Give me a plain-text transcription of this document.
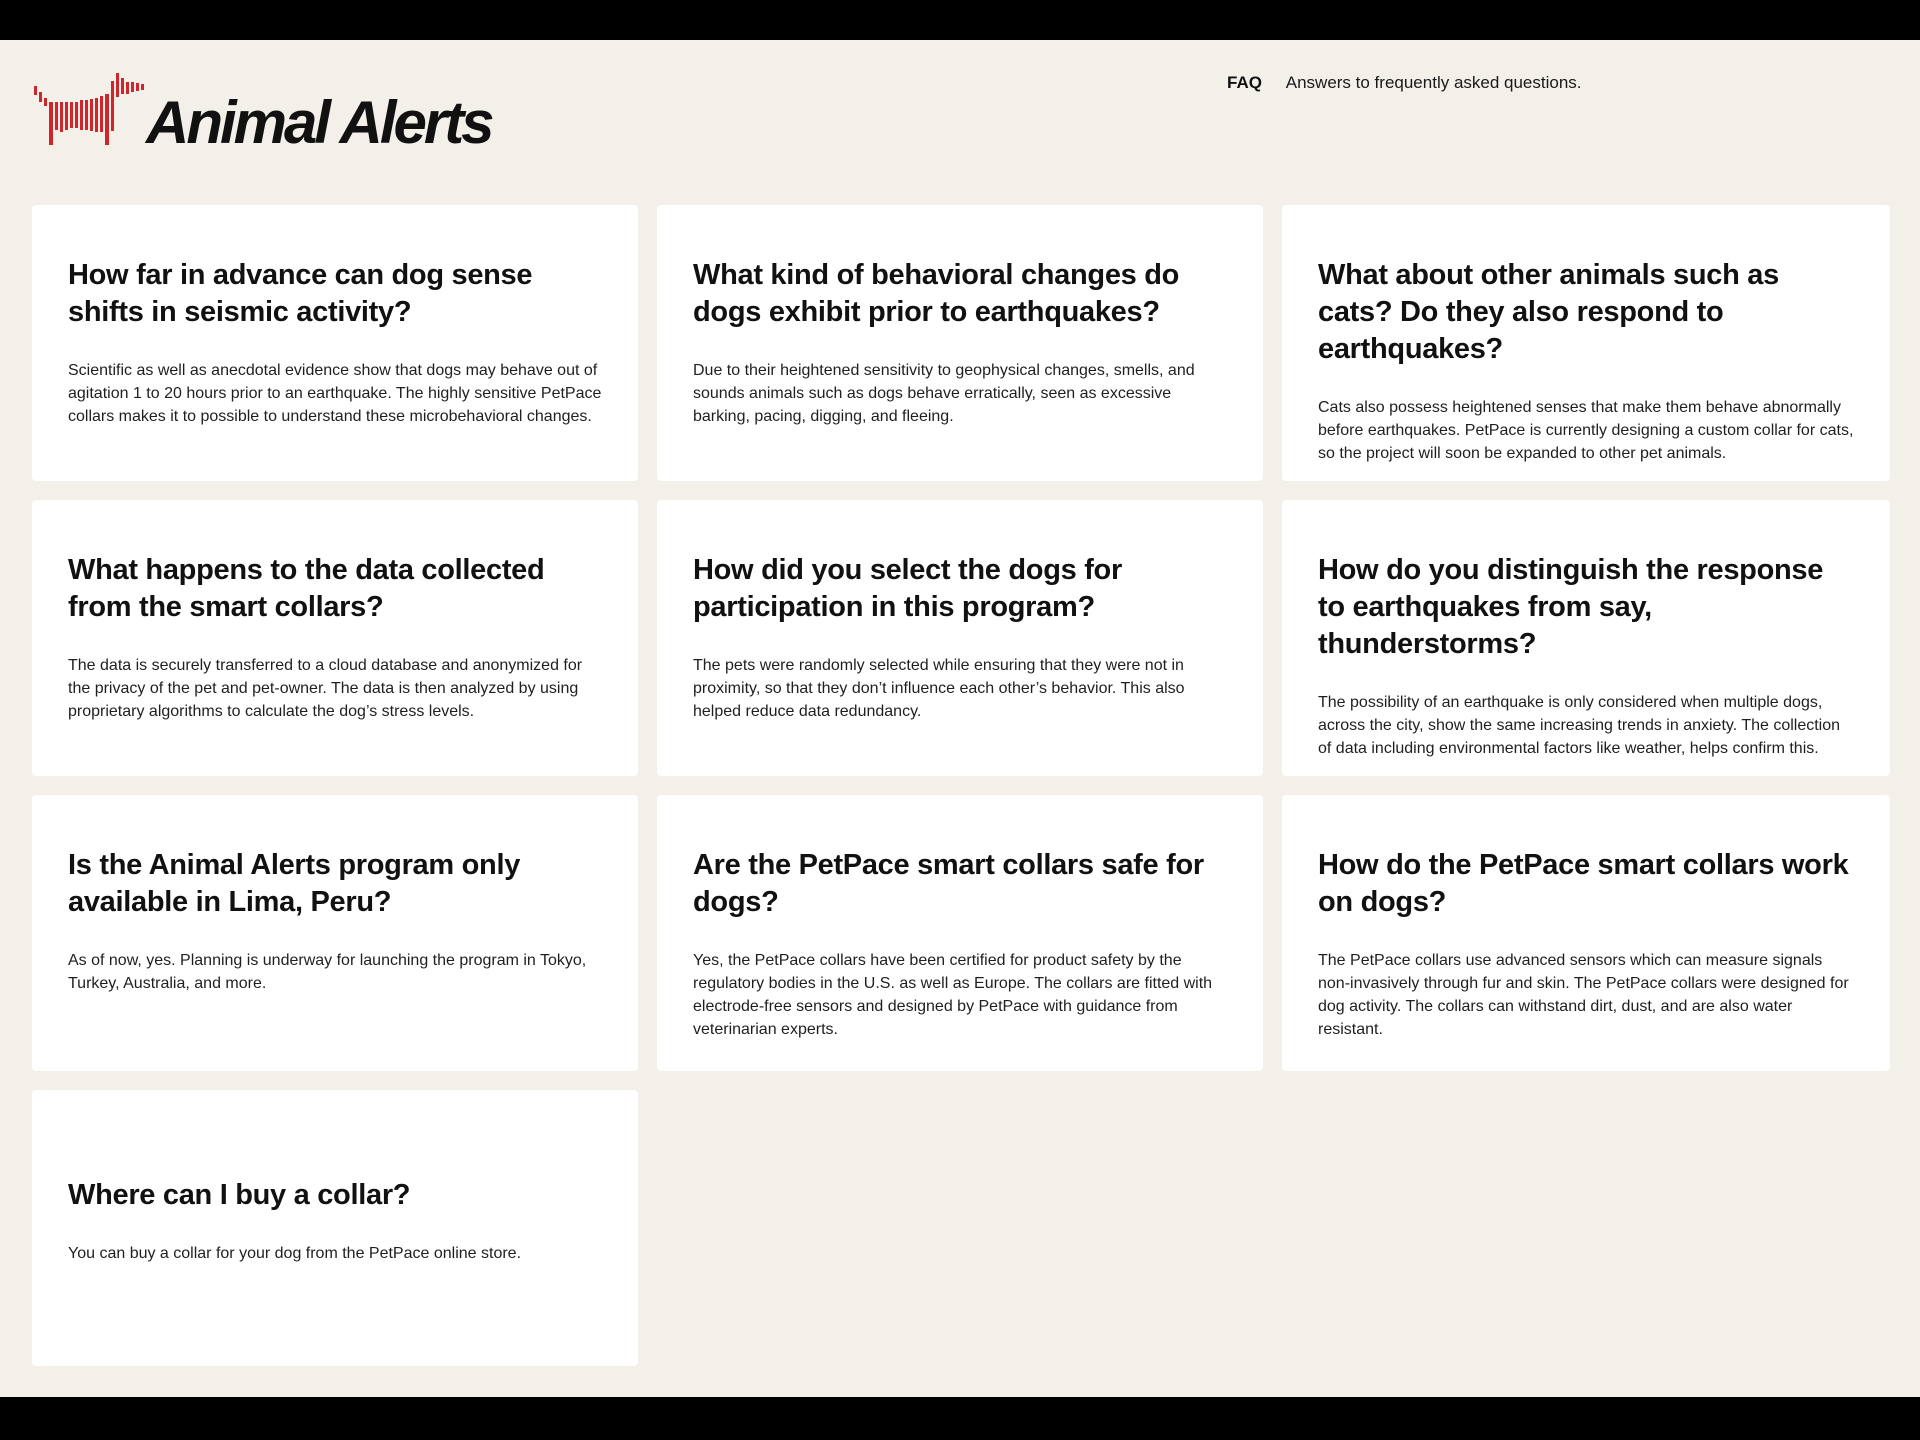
Animal Alerts
FAQ Answers to frequently asked questions.
How far in advance can dog sense shifts in seismic activity?

Scientific as well as anecdotal evidence show that dogs may behave out of agitation 1 to 20 hours prior to an earthquake. The highly sensitive PetPace collars makes it to possible to understand these microbehavioral changes.

What kind of behavioral changes do dogs exhibit prior to earthquakes?

Due to their heightened sensitivity to geophysical changes, smells, and sounds animals such as dogs behave erratically, seen as excessive barking, pacing, digging, and fleeing.

What about other animals such as cats? Do they also respond to earthquakes?

Cats also possess heightened senses that make them behave abnormally before earthquakes. PetPace is currently designing a custom collar for cats, so the project will soon be expanded to other pet animals.

What happens to the data collected from the smart collars?

The data is securely transferred to a cloud database and anonymized for the privacy of the pet and pet-owner. The data is then analyzed by using proprietary algorithms to calculate the dog’s stress levels.

How did you select the dogs for participation in this program?

The pets were randomly selected while ensuring that they were not in proximity, so that they don’t influence each other’s behavior. This also helped reduce data redundancy.

How do you distinguish the response to earthquakes from say, thunderstorms?

The possibility of an earthquake is only considered when multiple dogs, across the city, show the same increasing trends in anxiety. The collection of data including environmental factors like weather, helps confirm this.

Is the Animal Alerts program only available in Lima, Peru?

As of now, yes. Planning is underway for launching the program in Tokyo, Turkey, Australia, and more.

Are the PetPace smart collars safe for dogs?

Yes, the PetPace collars have been certified for product safety by the regulatory bodies in the U.S. as well as Europe. The collars are fitted with electrode-free sensors and designed by PetPace with guidance from veterinarian experts.

How do the PetPace smart collars work on dogs?

The PetPace collars use advanced sensors which can measure signals non-invasively through fur and skin. The PetPace collars were designed for dog activity. The collars can withstand dirt, dust, and are also water resistant.

Where can I buy a collar?

You can buy a collar for your dog from the PetPace online store.
